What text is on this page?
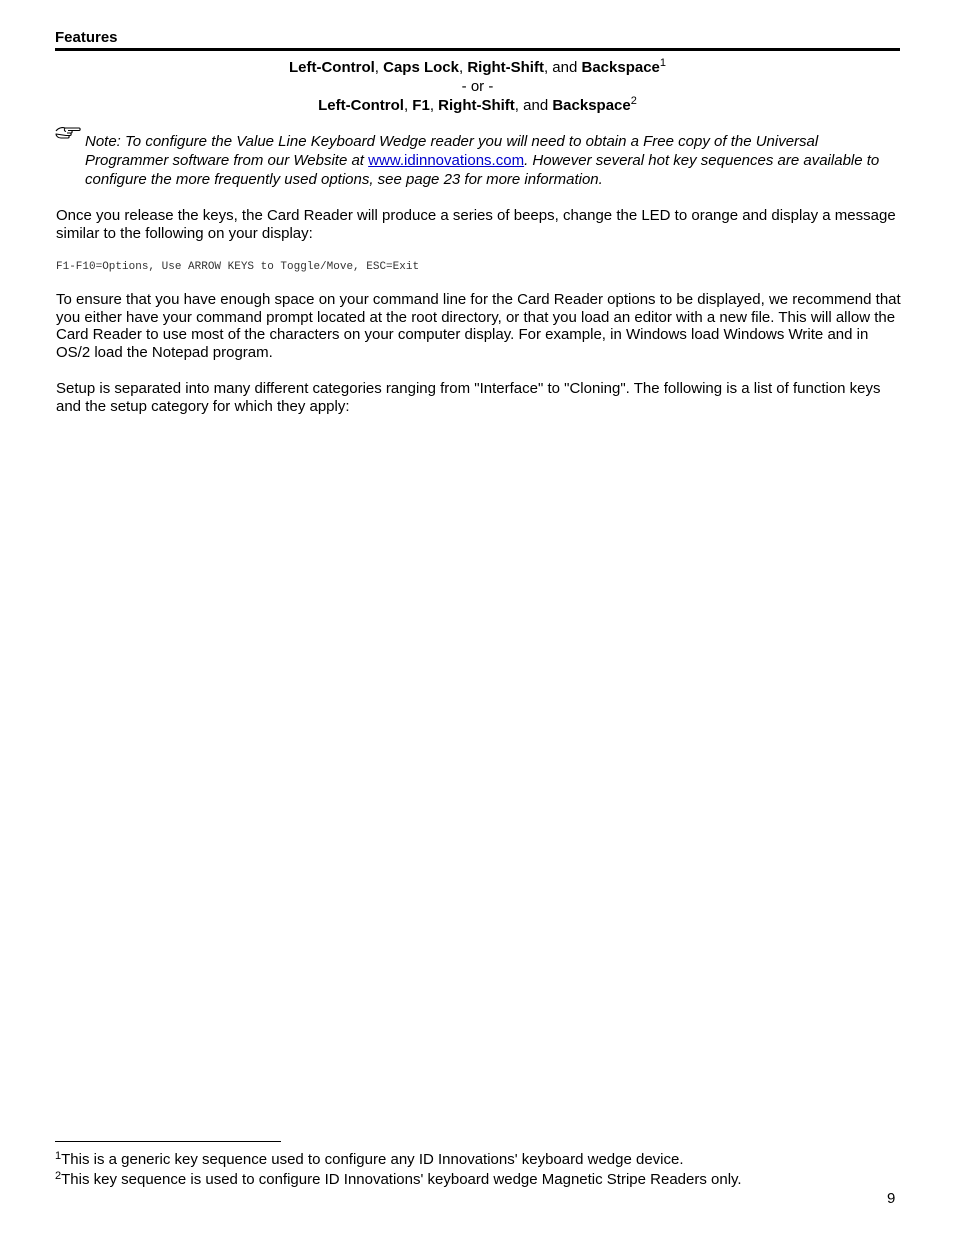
Features
Left-Control, Caps Lock, Right-Shift, and Backspace$^1$
- or -
Left-Control, F1, Right-Shift, and Backspace$^2$
Note: To configure the Value Line Keyboard Wedge reader you will need to obtain a Free copy of the Universal Programmer software from our Website at www.idinnovations.com. However several hot key sequences are available to configure the more frequently used options, see page 23 for more information.
Once you release the keys, the Card Reader will produce a series of beeps, change the LED to orange and display a message similar to the following on your display:
F1-F10=Options, Use ARROW KEYS to Toggle/Move, ESC=Exit
To ensure that you have enough space on your command line for the Card Reader options to be displayed, we recommend that you either have your command prompt located at the root directory, or that you load an editor with a new file. This will allow the Card Reader to use most of the characters on your computer display. For example, in Windows load Windows Write and in OS/2 load the Notepad program.
Setup is separated into many different categories ranging from "Interface" to "Cloning". The following is a list of function keys and the setup category for which they apply:
$^1$This is a generic key sequence used to configure any ID Innovations' keyboard wedge device.
$^2$This key sequence is used to configure ID Innovations' keyboard wedge Magnetic Stripe Readers only.
9
